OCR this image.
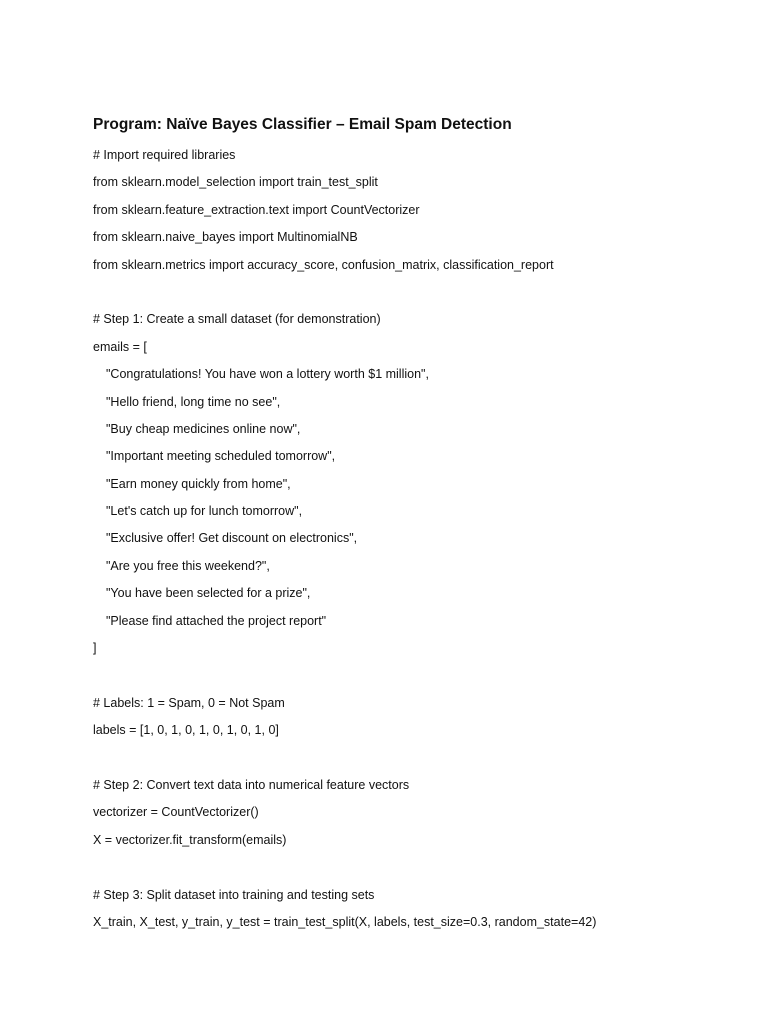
Program: Naïve Bayes Classifier – Email Spam Detection
# Import required libraries
from sklearn.model_selection import train_test_split
from sklearn.feature_extraction.text import CountVectorizer
from sklearn.naive_bayes import MultinomialNB
from sklearn.metrics import accuracy_score, confusion_matrix, classification_report
# Step 1: Create a small dataset (for demonstration)
emails = [
"Congratulations! You have won a lottery worth $1 million",
"Hello friend, long time no see",
"Buy cheap medicines online now",
"Important meeting scheduled tomorrow",
"Earn money quickly from home",
"Let's catch up for lunch tomorrow",
"Exclusive offer! Get discount on electronics",
"Are you free this weekend?",
"You have been selected for a prize",
"Please find attached the project report"
]
# Labels: 1 = Spam, 0 = Not Spam
labels = [1, 0, 1, 0, 1, 0, 1, 0, 1, 0]
# Step 2: Convert text data into numerical feature vectors
vectorizer = CountVectorizer()
X = vectorizer.fit_transform(emails)
# Step 3: Split dataset into training and testing sets
X_train, X_test, y_train, y_test = train_test_split(X, labels, test_size=0.3, random_state=42)
